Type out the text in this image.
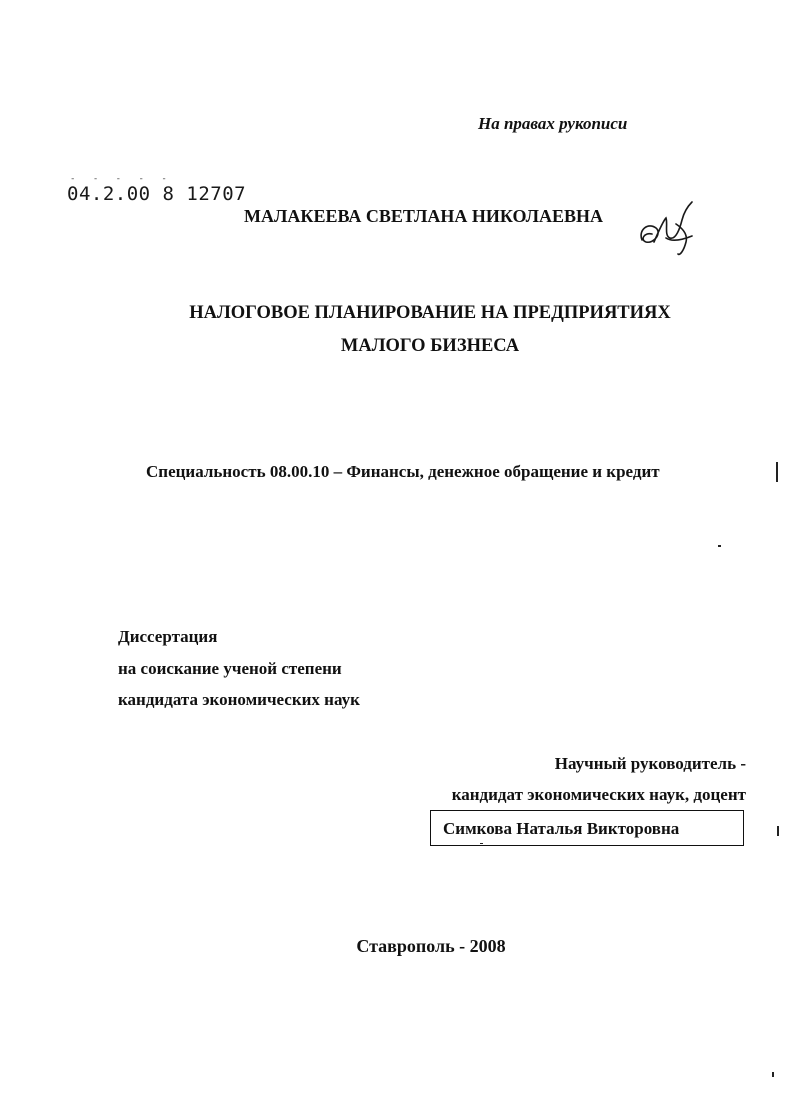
На правах рукописи
- - - - -
04.2.00 8 12707
МАЛАКЕЕВА СВЕТЛАНА НИКОЛАЕВНА
НАЛОГОВОЕ ПЛАНИРОВАНИЕ НА ПРЕДПРИЯТИЯХ
МАЛОГО БИЗНЕСА
Специальность 08.00.10 – Финансы, денежное обращение и кредит
Диссертация
на соискание ученой степени
кандидата экономических наук
Научный руководитель -
кандидат экономических наук, доцент
Симкова Наталья Викторовна
Ставрополь - 2008
